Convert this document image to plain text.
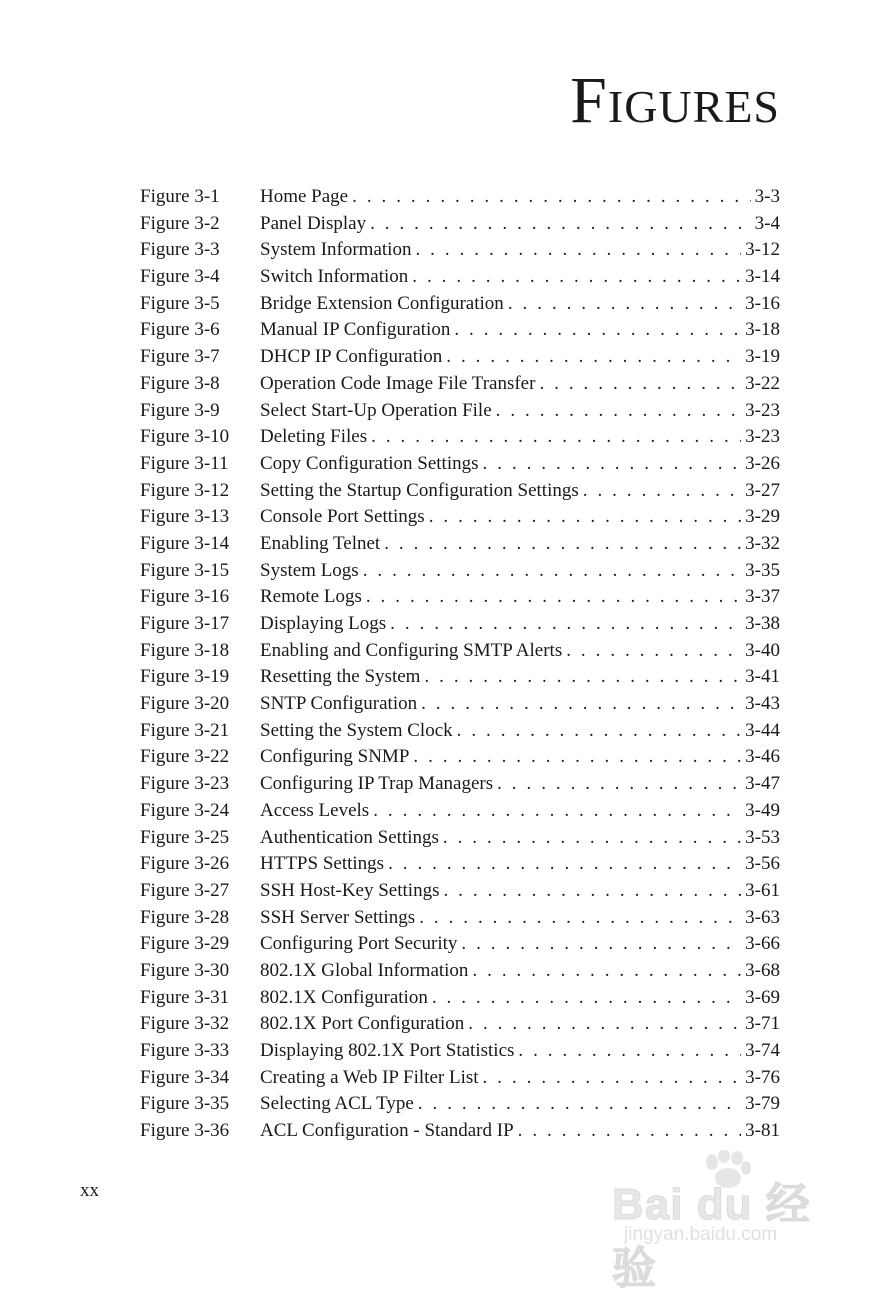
Figures
Figure 3-1	Home Page . . .	3-3
Figure 3-2	Panel Display . . .	3-4
Figure 3-3	System Information . . .	3-12
Figure 3-4	Switch Information . . .	3-14
Figure 3-5	Bridge Extension Configuration . . .	3-16
Figure 3-6	Manual IP Configuration . . .	3-18
Figure 3-7	DHCP IP Configuration . . .	3-19
Figure 3-8	Operation Code Image File Transfer . . .	3-22
Figure 3-9	Select Start-Up Operation File . . .	3-23
Figure 3-10	Deleting Files . . .	3-23
Figure 3-11	Copy Configuration Settings . . .	3-26
Figure 3-12	Setting the Startup Configuration Settings . . .	3-27
Figure 3-13	Console Port Settings . . .	3-29
Figure 3-14	Enabling Telnet . . .	3-32
Figure 3-15	System Logs . . .	3-35
Figure 3-16	Remote Logs . . .	3-37
Figure 3-17	Displaying Logs . . .	3-38
Figure 3-18	Enabling and Configuring SMTP Alerts . . .	3-40
Figure 3-19	Resetting the System . . .	3-41
Figure 3-20	SNTP Configuration . . .	3-43
Figure 3-21	Setting the System Clock . . .	3-44
Figure 3-22	Configuring SNMP . . .	3-46
Figure 3-23	Configuring IP Trap Managers . . .	3-47
Figure 3-24	Access Levels . . .	3-49
Figure 3-25	Authentication Settings . . .	3-53
Figure 3-26	HTTPS Settings . . .	3-56
Figure 3-27	SSH Host-Key Settings . . .	3-61
Figure 3-28	SSH Server Settings . . .	3-63
Figure 3-29	Configuring Port Security . . .	3-66
Figure 3-30	802.1X Global Information . . .	3-68
Figure 3-31	802.1X Configuration . . .	3-69
Figure 3-32	802.1X Port Configuration . . .	3-71
Figure 3-33	Displaying 802.1X Port Statistics . . .	3-74
Figure 3-34	Creating a Web IP Filter List . . .	3-76
Figure 3-35	Selecting ACL Type . . .	3-79
Figure 3-36	ACL Configuration - Standard IP . . .	3-81
xx	Bai du 经验
jingyan.baidu.com
